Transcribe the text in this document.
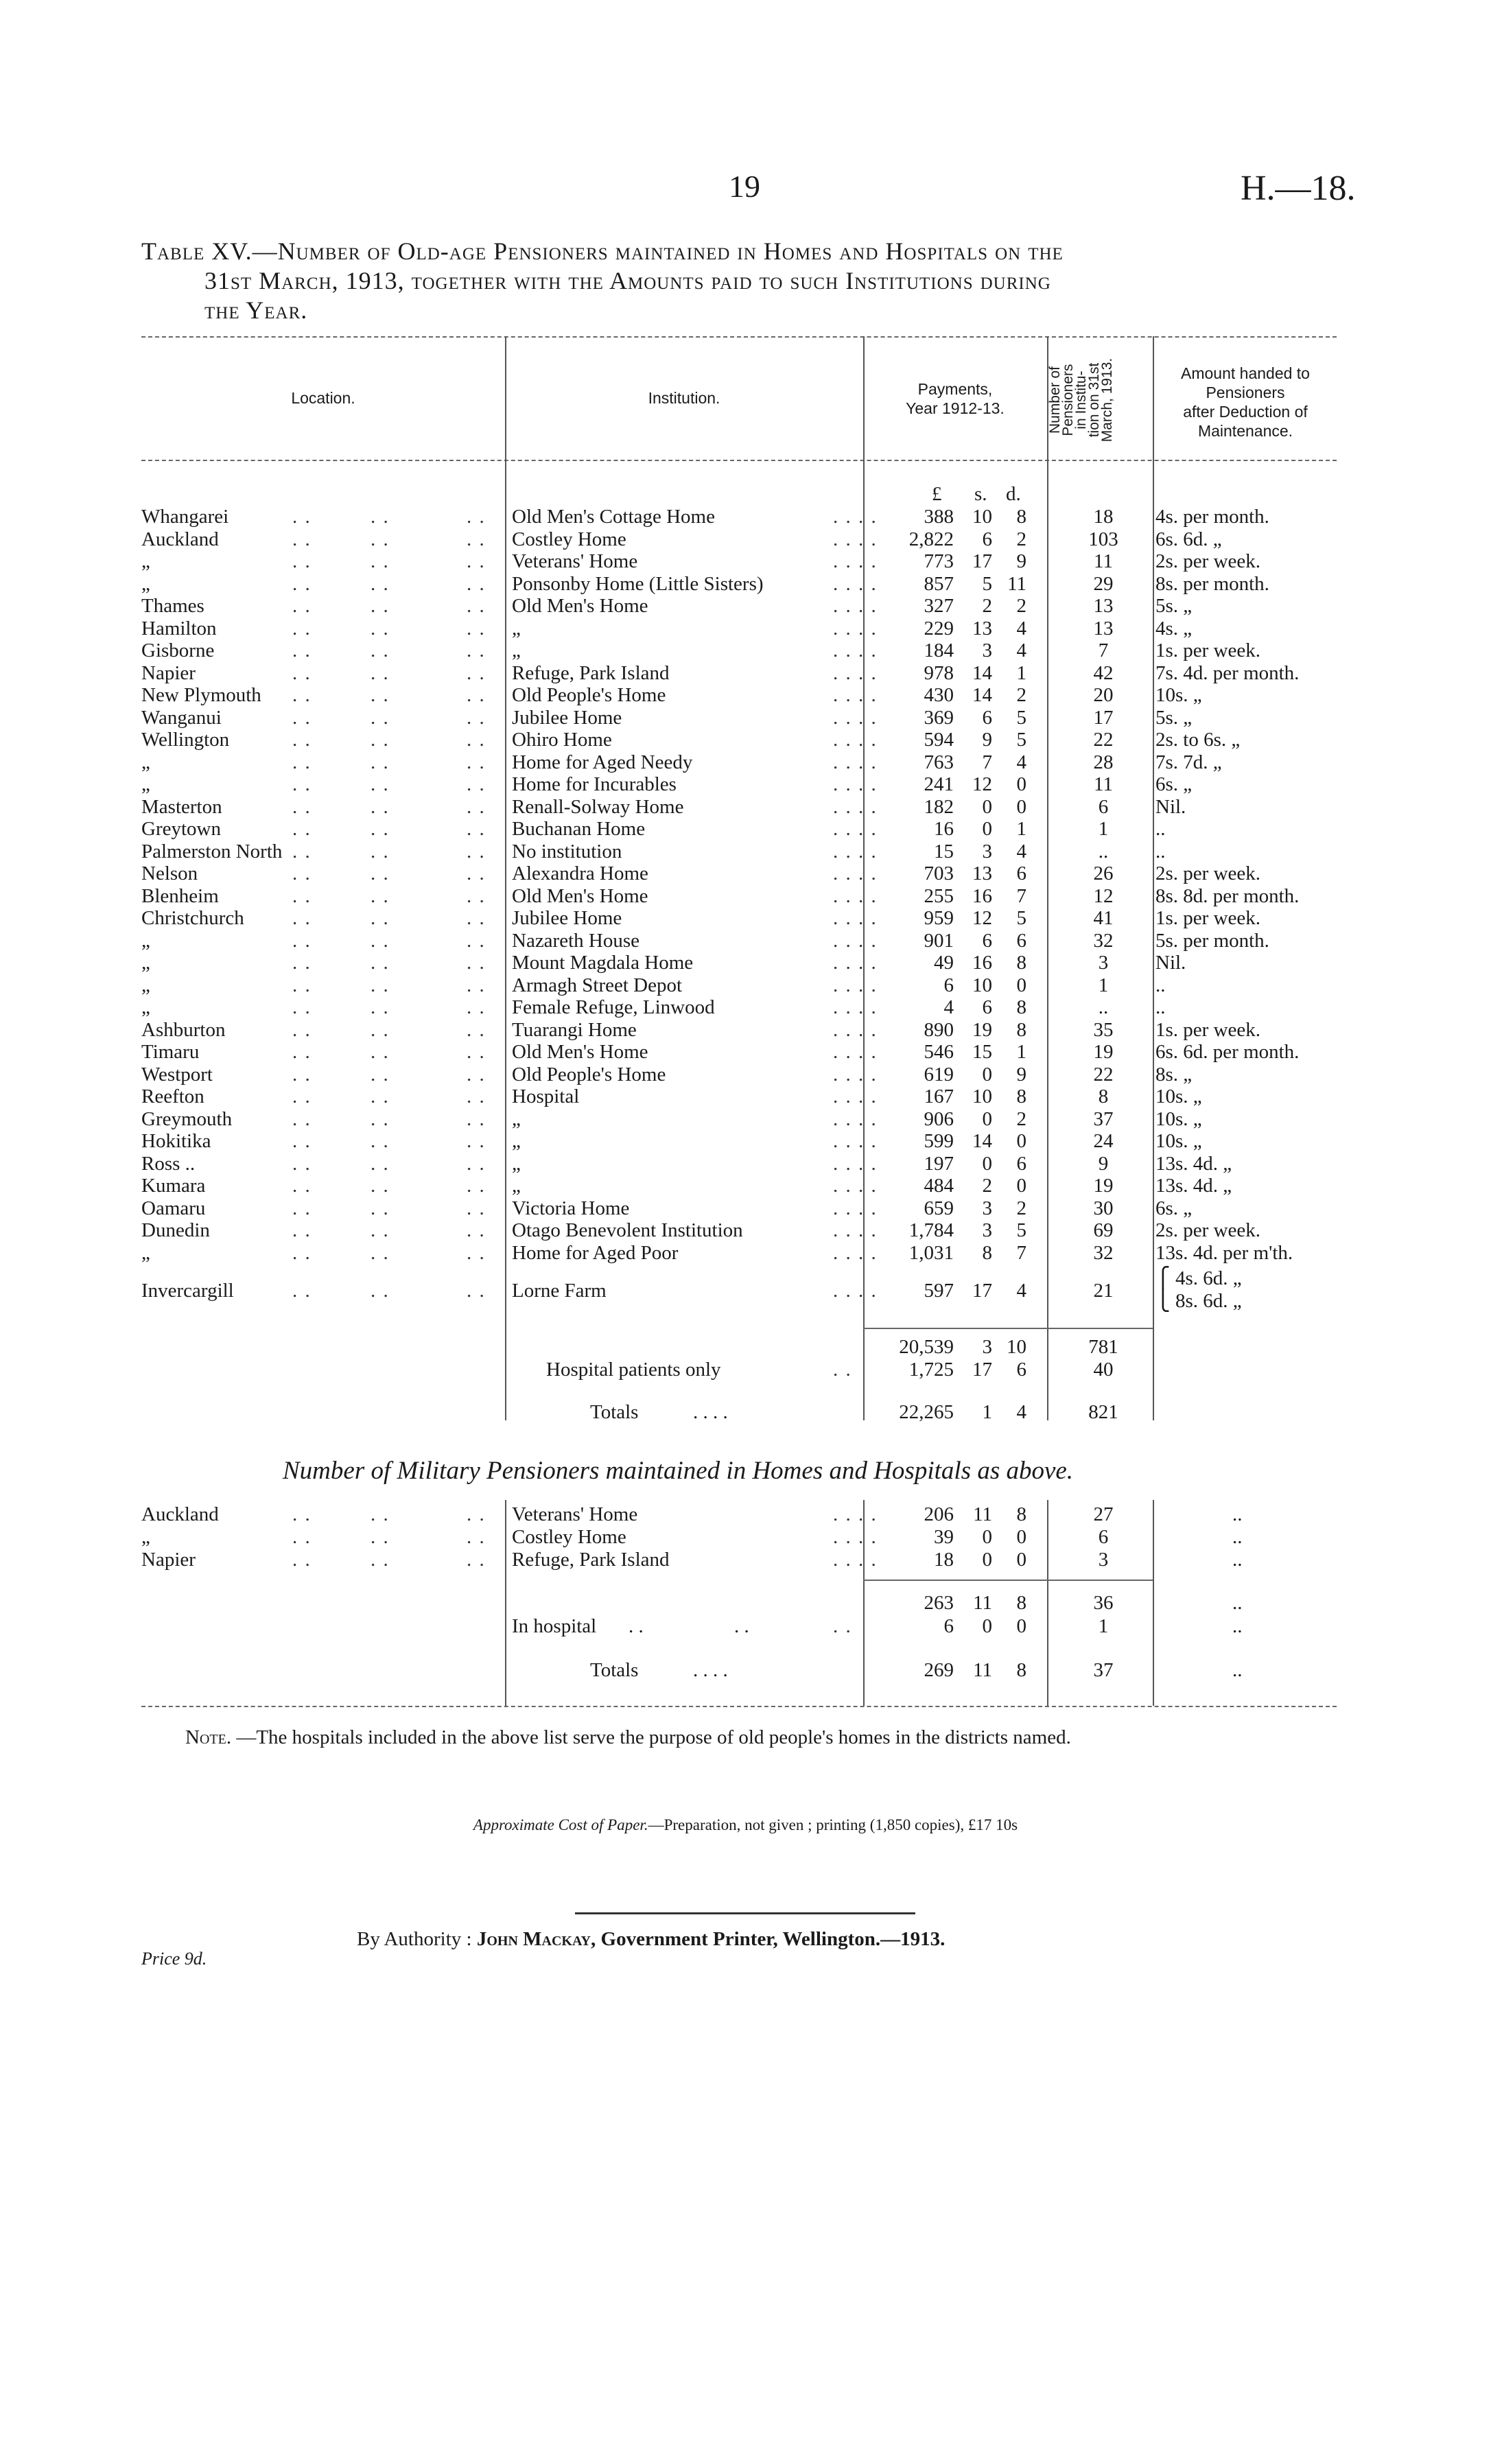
19	H.—18.
Table XV.—Number of Old-age Pensioners maintained in Homes and Hospitals on the
31st March, 1913, together with the Amounts paid to such Institutions during
the Year.
Location.	Institution.	Payments,
Year 1912-13.	Number of
Pensioners
in Institu-
tion on 31st
March, 1913.	Amount handed to
Pensioners
after Deduction of
Maintenance.
£ s. d.
Whangarei	. .	. .	. . Old Men's Cottage Home	. . . .	388 10	8	18	4s. per month.
Auckland	. .	. .	. . Costley Home	. . . .	2,822	6	2	103	6s. 6d. „
„	. .	. .	. . Veterans' Home	. . . .	773 17	9	11	2s. per week.
„	. .	. .	. . Ponsonby Home (Little Sisters)	. . . .	857	5 11	29	8s. per month.
Thames	. .	. .	. . Old Men's Home	. . . .	327	2	2	13	5s. „
Hamilton	. .	. .	. . „	. . . .	229 13	4	13	4s. „
Gisborne	. .	. .	. . „	. . . .	184	3	4	7	1s. per week.
Napier	. .	. .	. . Refuge, Park Island	. . . .	978 14	1	42	7s. 4d. per month.
New Plymouth . .	. .	. . Old People's Home	. . . .	430 14	2	20	10s. „
Wanganui	. .	. .	. . Jubilee Home	. . . .	369	6	5	17	5s. „
Wellington	. .	. .	. . Ohiro Home	. . . .	594	9	5	22	2s. to 6s. „
„	. .	. .	. . Home for Aged Needy	. . . .	763	7	4	28	7s. 7d. „
„	. .	. .	. . Home for Incurables	. . . .	241 12	0	11	6s. „
Masterton	. .	. .	. . Renall-Solway Home	. . . .	182	0	0	6	Nil.
Greytown	. .	. .	. . Buchanan Home	. . . .	16	0	1	1	..
Palmerston North . .	. .	. . No institution	. . . .	15	3	4	..	..
Nelson	. .	. .	. . Alexandra Home	. . . .	703 13	6	26	2s. per week.
Blenheim	. .	. .	. . Old Men's Home	. . . .	255 16	7	12	8s. 8d. per month.
Christchurch . .	. .	. . Jubilee Home	. . . .	959 12	5	41	1s. per week.
„	. .	. .	. . Nazareth House	. . . .	901	6	6	32	5s. per month.
„	. .	. .	. . Mount Magdala Home	. . . .	49 16	8	3	Nil.
„	. .	. .	. . Armagh Street Depot	. . . .	6 10	0	1	..
„	. .	. .	. . Female Refuge, Linwood	. . . .	4	6	8	..	..
Ashburton	. .	. .	. . Tuarangi Home	. . . .	890 19	8	35	1s. per week.
Timaru	. .	. .	. . Old Men's Home	. . . .	546 15	1	19	6s. 6d. per month.
Westport	. .	. .	. . Old People's Home	. . . .	619	0	9	22	8s. „
Reefton	. .	. .	. . Hospital	. . . .	167 10	8	8	10s. „
Greymouth	. .	. .	. . „	. . . .	906	0	2	37	10s. „
Hokitika	. .	. .	. . „	. . . .	599 14	0	24	10s. „
Ross ..	. .	. .	. . „	. . . .	197	0	6	9	13s. 4d. „
Kumara	. .	. .	. . „	. . . .	484	2	0	19	13s. 4d. „
Oamaru	. .	. .	. . Victoria Home	. . . .	659	3	2	30	6s. „
Dunedin	. .	. .	. . Otago Benevolent Institution	. . . .	1,784	3	5	69	2s. per week.
„	. .	. .	. . Home for Aged Poor	. . . .	1,031	8	7	32	13s. 4d. per m'th.
Invercargill	. .	. .	. . Lorne Farm	. . . .	597 17	4	21
⎧ 4s. 6d. „
⎩ 8s. 6d. „
20,539	3 10	781
Hospital patients only	. .	1,725 17	6	40
Totals	. . . .	22,265	1	4	821
Number of Military Pensioners maintained in Homes and Hospitals as above.
Auckland	. .	. .	. . Veterans' Home	. . . .	206 11	8	27	..
„	. .	. .	. . Costley Home	. . . .	39	0	0	6	..
Napier	. .	. .	. . Refuge, Park Island	. . . .	18	0	0	3	..
263 11	8	36	..
In hospital . .	. .	. .	6	0	0	1	..
Totals	. . . .	269 11	8	37	..
Note. —The hospitals included in the above list serve the purpose of old people's homes in the districts named.
Approximate Cost of Paper.—Preparation, not given ; printing (1,850 copies), £17 10s
By Authority : John Mackay, Government Printer, Wellington.—1913.
Price 9d.
